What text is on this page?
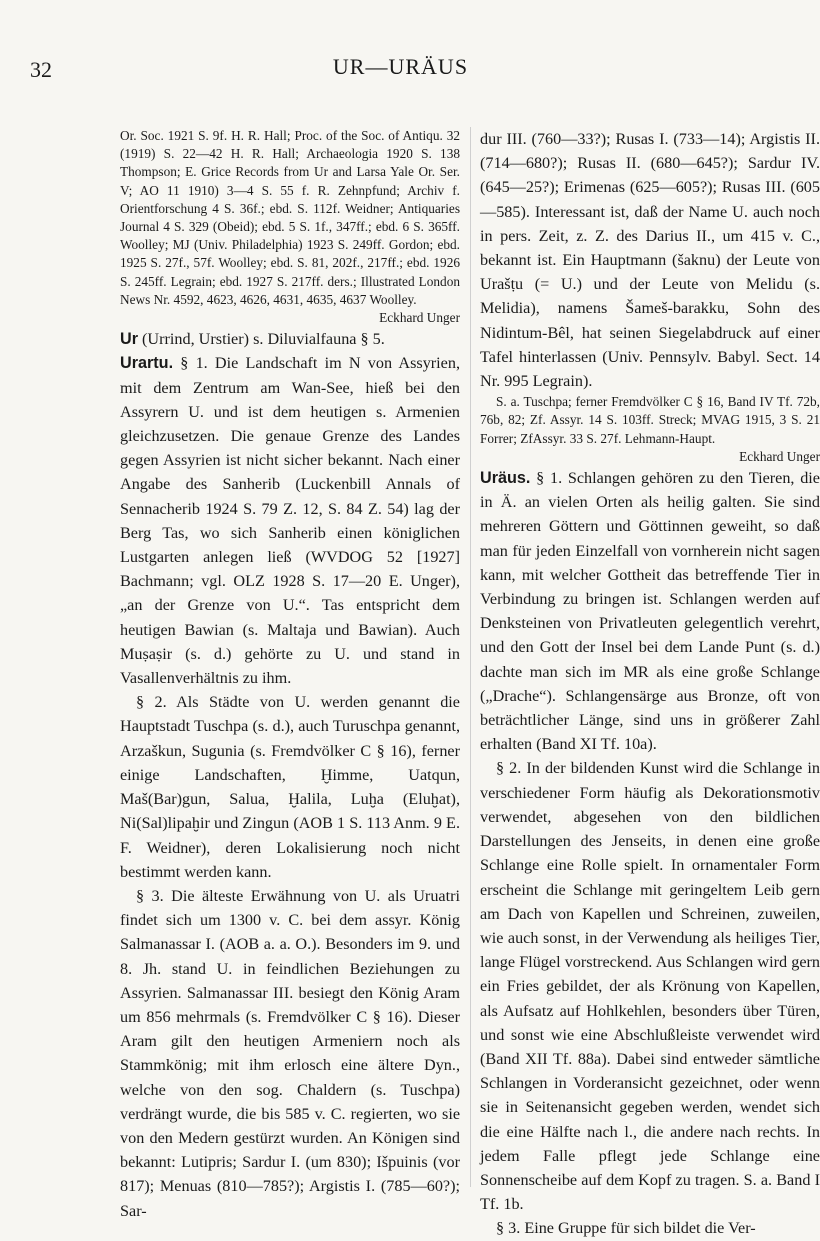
32	UR—URÄUS

Or. Soc. 1921 S. 9f. H. R. Hall; Proc. of the Soc. of Antiqu. 32 (1919) S. 22—42 H. R. Hall; Archaeologia 1920 S. 138 Thompson; E. Grice Records from Ur and Larsa Yale Or. Ser. V; AO 11 1910) 3—4 S. 55 f. R. Zehnpfund; Archiv f. Orientforschung 4 S. 36f.; ebd. S. 112f. Weidner; Antiquaries Journal 4 S. 329 (Obeid); ebd. 5 S. 1f., 347ff.; ebd. 6 S. 365ff. Woolley; MJ (Univ. Philadelphia) 1923 S. 249ff. Gordon; ebd. 1925 S. 27f., 57f. Woolley; ebd. S. 81, 202f., 217ff.; ebd. 1926 S. 245ff. Legrain; ebd. 1927 S. 217ff. ders.; Illustrated London News Nr. 4592, 4623, 4626, 4631, 4635, 4637 Woolley.

Eckhard Unger

Ur (Urrind, Urstier) s. Diluvialfauna § 5.

Urartu. § 1. Die Landschaft im N von Assyrien, mit dem Zentrum am Wan-See, hieß bei den Assyrern U. und ist dem heutigen s. Armenien gleichzusetzen. Die genaue Grenze des Landes gegen Assyrien ist nicht sicher bekannt. Nach einer Angabe des Sanherib (Luckenbill Annals of Sennacherib 1924 S. 79 Z. 12, S. 84 Z. 54) lag der Berg Tas, wo sich Sanherib einen königlichen Lustgarten anlegen ließ (WVDOG 52 [1927] Bachmann; vgl. OLZ 1928 S. 17—20 E. Unger), „an der Grenze von U.“. Tas entspricht dem heutigen Bawian (s. Maltaja und Bawian). Auch Muṣaṣir (s. d.) gehörte zu U. und stand in Vasallenverhältnis zu ihm.

§ 2. Als Städte von U. werden genannt die Hauptstadt Tuschpa (s. d.), auch Turuschpa genannt, Arzaškun, Sugunia (s. Fremdvölker C § 16), ferner einige Landschaften, Ḫimme, Uatqun, Maš(Bar)gun, Salua, Ḫalila, Luḫa (Eluḫat), Ni(Sal)lipaḫir und Zingun (AOB 1 S. 113 Anm. 9 E. F. Weidner), deren Lokalisierung noch nicht bestimmt werden kann.

§ 3. Die älteste Erwähnung von U. als Uruatri findet sich um 1300 v. C. bei dem assyr. König Salmanassar I. (AOB a. a. O.). Besonders im 9. und 8. Jh. stand U. in feindlichen Beziehungen zu Assyrien. Salmanassar III. besiegt den König Aram um 856 mehrmals (s. Fremdvölker C § 16). Dieser Aram gilt den heutigen Armeniern noch als Stammkönig; mit ihm erlosch eine ältere Dyn., welche von den sog. Chaldern (s. Tuschpa) verdrängt wurde, die bis 585 v. C. regierten, wo sie von den Medern gestürzt wurden. An Königen sind bekannt: Lutipris; Sardur I. (um 830); Išpuinis (vor 817); Menuas (810—785?); Argistis I. (785—60?); Sar-

dur III. (760—33?); Rusas I. (733—14); Argistis II. (714—680?); Rusas II. (680—645?); Sardur IV. (645—25?); Erimenas (625—605?); Rusas III. (605—585). Interessant ist, daß der Name U. auch noch in pers. Zeit, z. Z. des Darius II., um 415 v. C., bekannt ist. Ein Hauptmann (šaknu) der Leute von Urašṭu (= U.) und der Leute von Melidu (s. Melidia), namens Šameš-barakku, Sohn des Nidintum-Bêl, hat seinen Siegelabdruck auf einer Tafel hinterlassen (Univ. Pennsylv. Babyl. Sect. 14 Nr. 995 Legrain).

S. a. Tuschpa; ferner Fremdvölker C § 16, Band IV Tf. 72b, 76b, 82; Zf. Assyr. 14 S. 103ff. Streck; MVAG 1915, 3 S. 21 Forrer; ZfAssyr. 33 S. 27f. Lehmann-Haupt.

Eckhard Unger

Uräus. § 1. Schlangen gehören zu den Tieren, die in Ä. an vielen Orten als heilig galten. Sie sind mehreren Göttern und Göttinnen geweiht, so daß man für jeden Einzelfall von vornherein nicht sagen kann, mit welcher Gottheit das betreffende Tier in Verbindung zu bringen ist. Schlangen werden auf Denksteinen von Privatleuten gelegentlich verehrt, und den Gott der Insel bei dem Lande Punt (s. d.) dachte man sich im MR als eine große Schlange („Drache“). Schlangensärge aus Bronze, oft von beträchtlicher Länge, sind uns in größerer Zahl erhalten (Band XI Tf. 10a).

§ 2. In der bildenden Kunst wird die Schlange in verschiedener Form häufig als Dekorationsmotiv verwendet, abgesehen von den bildlichen Darstellungen des Jenseits, in denen eine große Schlange eine Rolle spielt. In ornamentaler Form erscheint die Schlange mit geringeltem Leib gern am Dach von Kapellen und Schreinen, zuweilen, wie auch sonst, in der Verwendung als heiliges Tier, lange Flügel vorstreckend. Aus Schlangen wird gern ein Fries gebildet, der als Krönung von Kapellen, als Aufsatz auf Hohlkehlen, besonders über Türen, und sonst wie eine Abschlußleiste verwendet wird (Band XII Tf. 88a). Dabei sind entweder sämtliche Schlangen in Vorderansicht gezeichnet, oder wenn sie in Seitenansicht gegeben werden, wendet sich die eine Hälfte nach l., die andere nach rechts. In jedem Falle pflegt jede Schlange eine Sonnenscheibe auf dem Kopf zu tragen. S. a. Band I Tf. 1b.

§ 3. Eine Gruppe für sich bildet die Ver-
